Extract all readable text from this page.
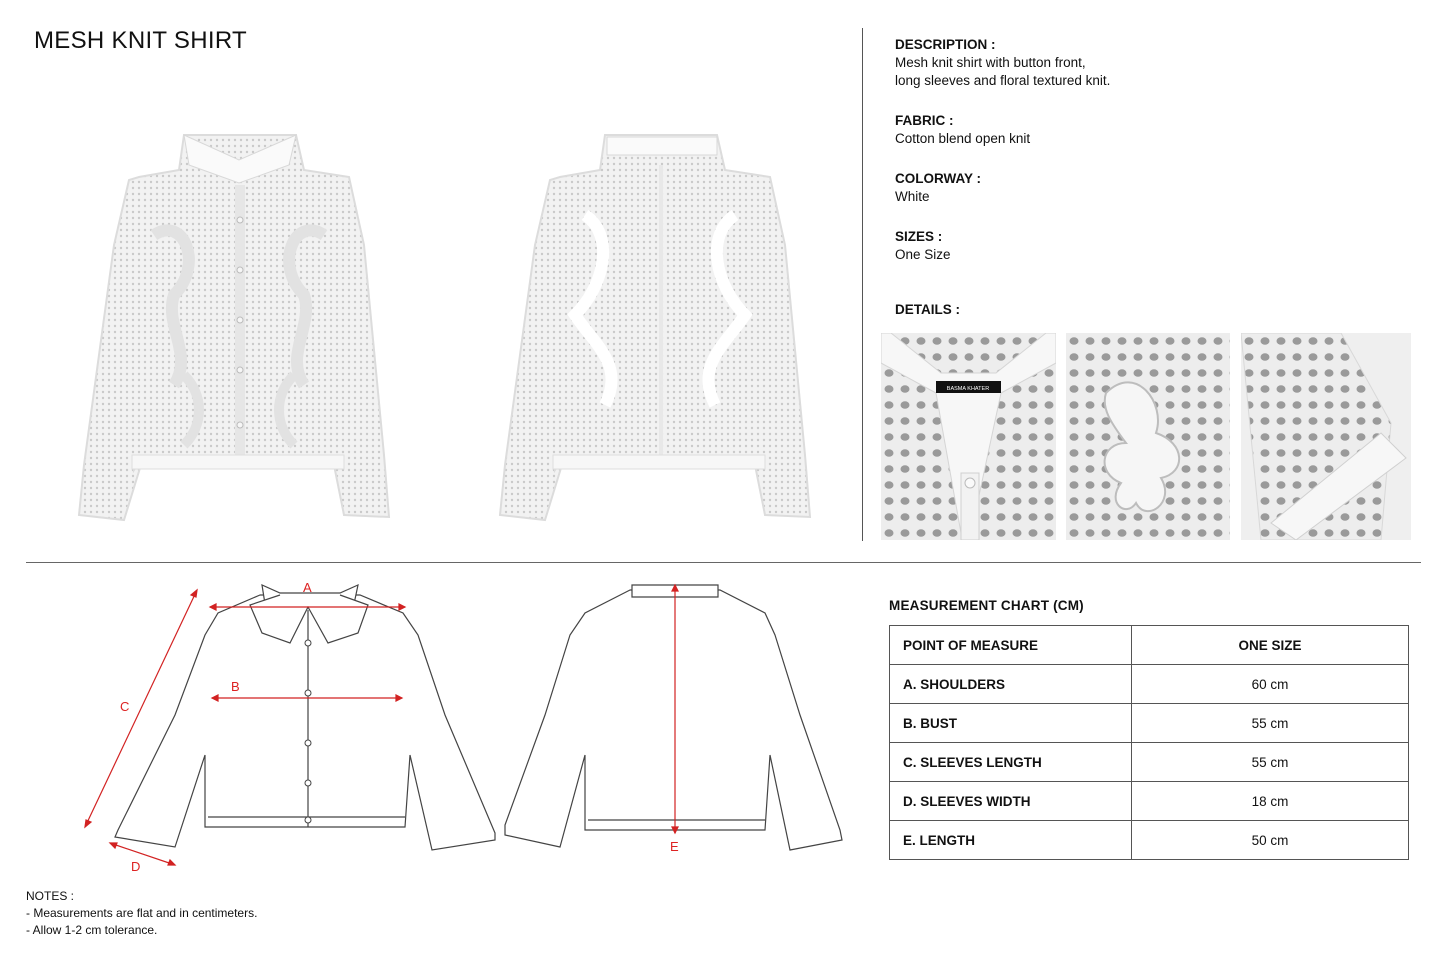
MESH KNIT SHIRT	DESCRIPTION :
Mesh knit shirt with button front,
long sleeves and floral textured knit.
FABRIC :
Cotton blend open knit
COLORWAY :
White
SIZES :
One Size
DETAILS :
BASMA KHATER
A
B
C
D
E
MEASUREMENT CHART (CM)
POINT OF MEASURE	ONE SIZE
A. SHOULDERS	60 cm
B. BUST	55 cm
C. SLEEVES LENGTH	55 cm
D. SLEEVES WIDTH	18 cm
E. LENGTH	50 cm
NOTES :
- Measurements are flat and in centimeters.
- Allow 1-2 cm tolerance.
